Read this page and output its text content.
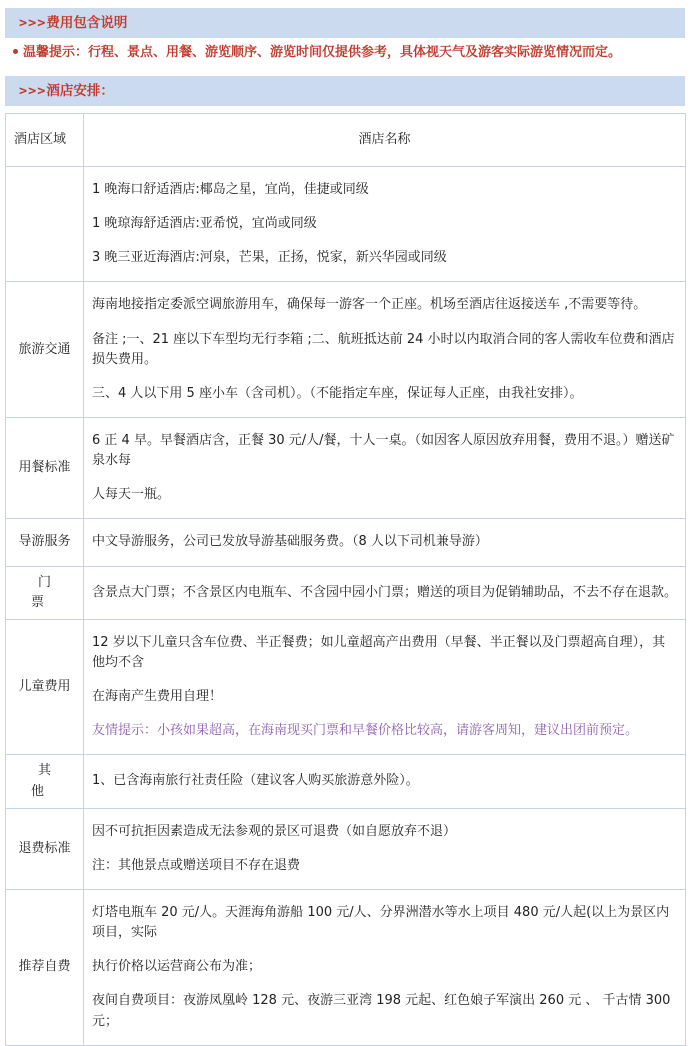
>>>费用包含说明
温馨提示：行程、景点、用餐、游览顺序、游览时间仅提供参考，具体视天气及游客实际游览情况而定。
>>>酒店安排：
酒店区域	酒店名称

	1 晚海口舒适酒店:椰岛之星，宜尚，佳捷或同级

1 晚琼海舒适酒店:亚希悦，宜尚或同级

3 晚三亚近海酒店:河泉，芒果，正扬，悦家，新兴华园或同级

旅游交通	海南地接指定委派空调旅游用车，确保每一游客一个正座。机场至酒店往返接送车 ,不需要等待。

备注 ;一、21 座以下车型均无行李箱 ;二、航班抵达前 24 小时以内取消合同的客人需收车位费和酒店损失费用。

三、4 人以下用 5 座小车（含司机）。（不能指定车座，保证每人正座，由我社安排）。

用餐标准	6 正 4 早。早餐酒店含，正餐 30 元/人/餐，十人一桌。（如因客人原因放弃用餐，费用不退。）赠送矿泉水每

人每天一瓶。

导游服务	中文导游服务，公司已发放导游基础服务费。（8 人以下司机兼导游）

门票	含景点大门票；不含景区内电瓶车、不含园中园小门票；赠送的项目为促销辅助品，不去不存在退款。

儿童费用	12 岁以下儿童只含车位费、半正餐费；如儿童超高产出费用（早餐、半正餐以及门票超高自理），其他均不含

在海南产生费用自理！

友情提示：小孩如果超高，在海南现买门票和早餐价格比较高，请游客周知，建议出团前预定。

其他	1、已含海南旅行社责任险（建议客人购买旅游意外险）。

退费标准	因不可抗拒因素造成无法参观的景区可退费（如自愿放弃不退）

注：其他景点或赠送项目不存在退费

推荐自费	灯塔电瓶车 20 元/人。天涯海角游船 100 元/人、分界洲潜水等水上项目 480 元/人起(以上为景区内项目，实际

执行价格以运营商公布为准；

夜间自费项目：夜游凤凰岭 128 元、夜游三亚湾 198 元起、红色娘子军演出 260 元 、 千古情 300 元；
